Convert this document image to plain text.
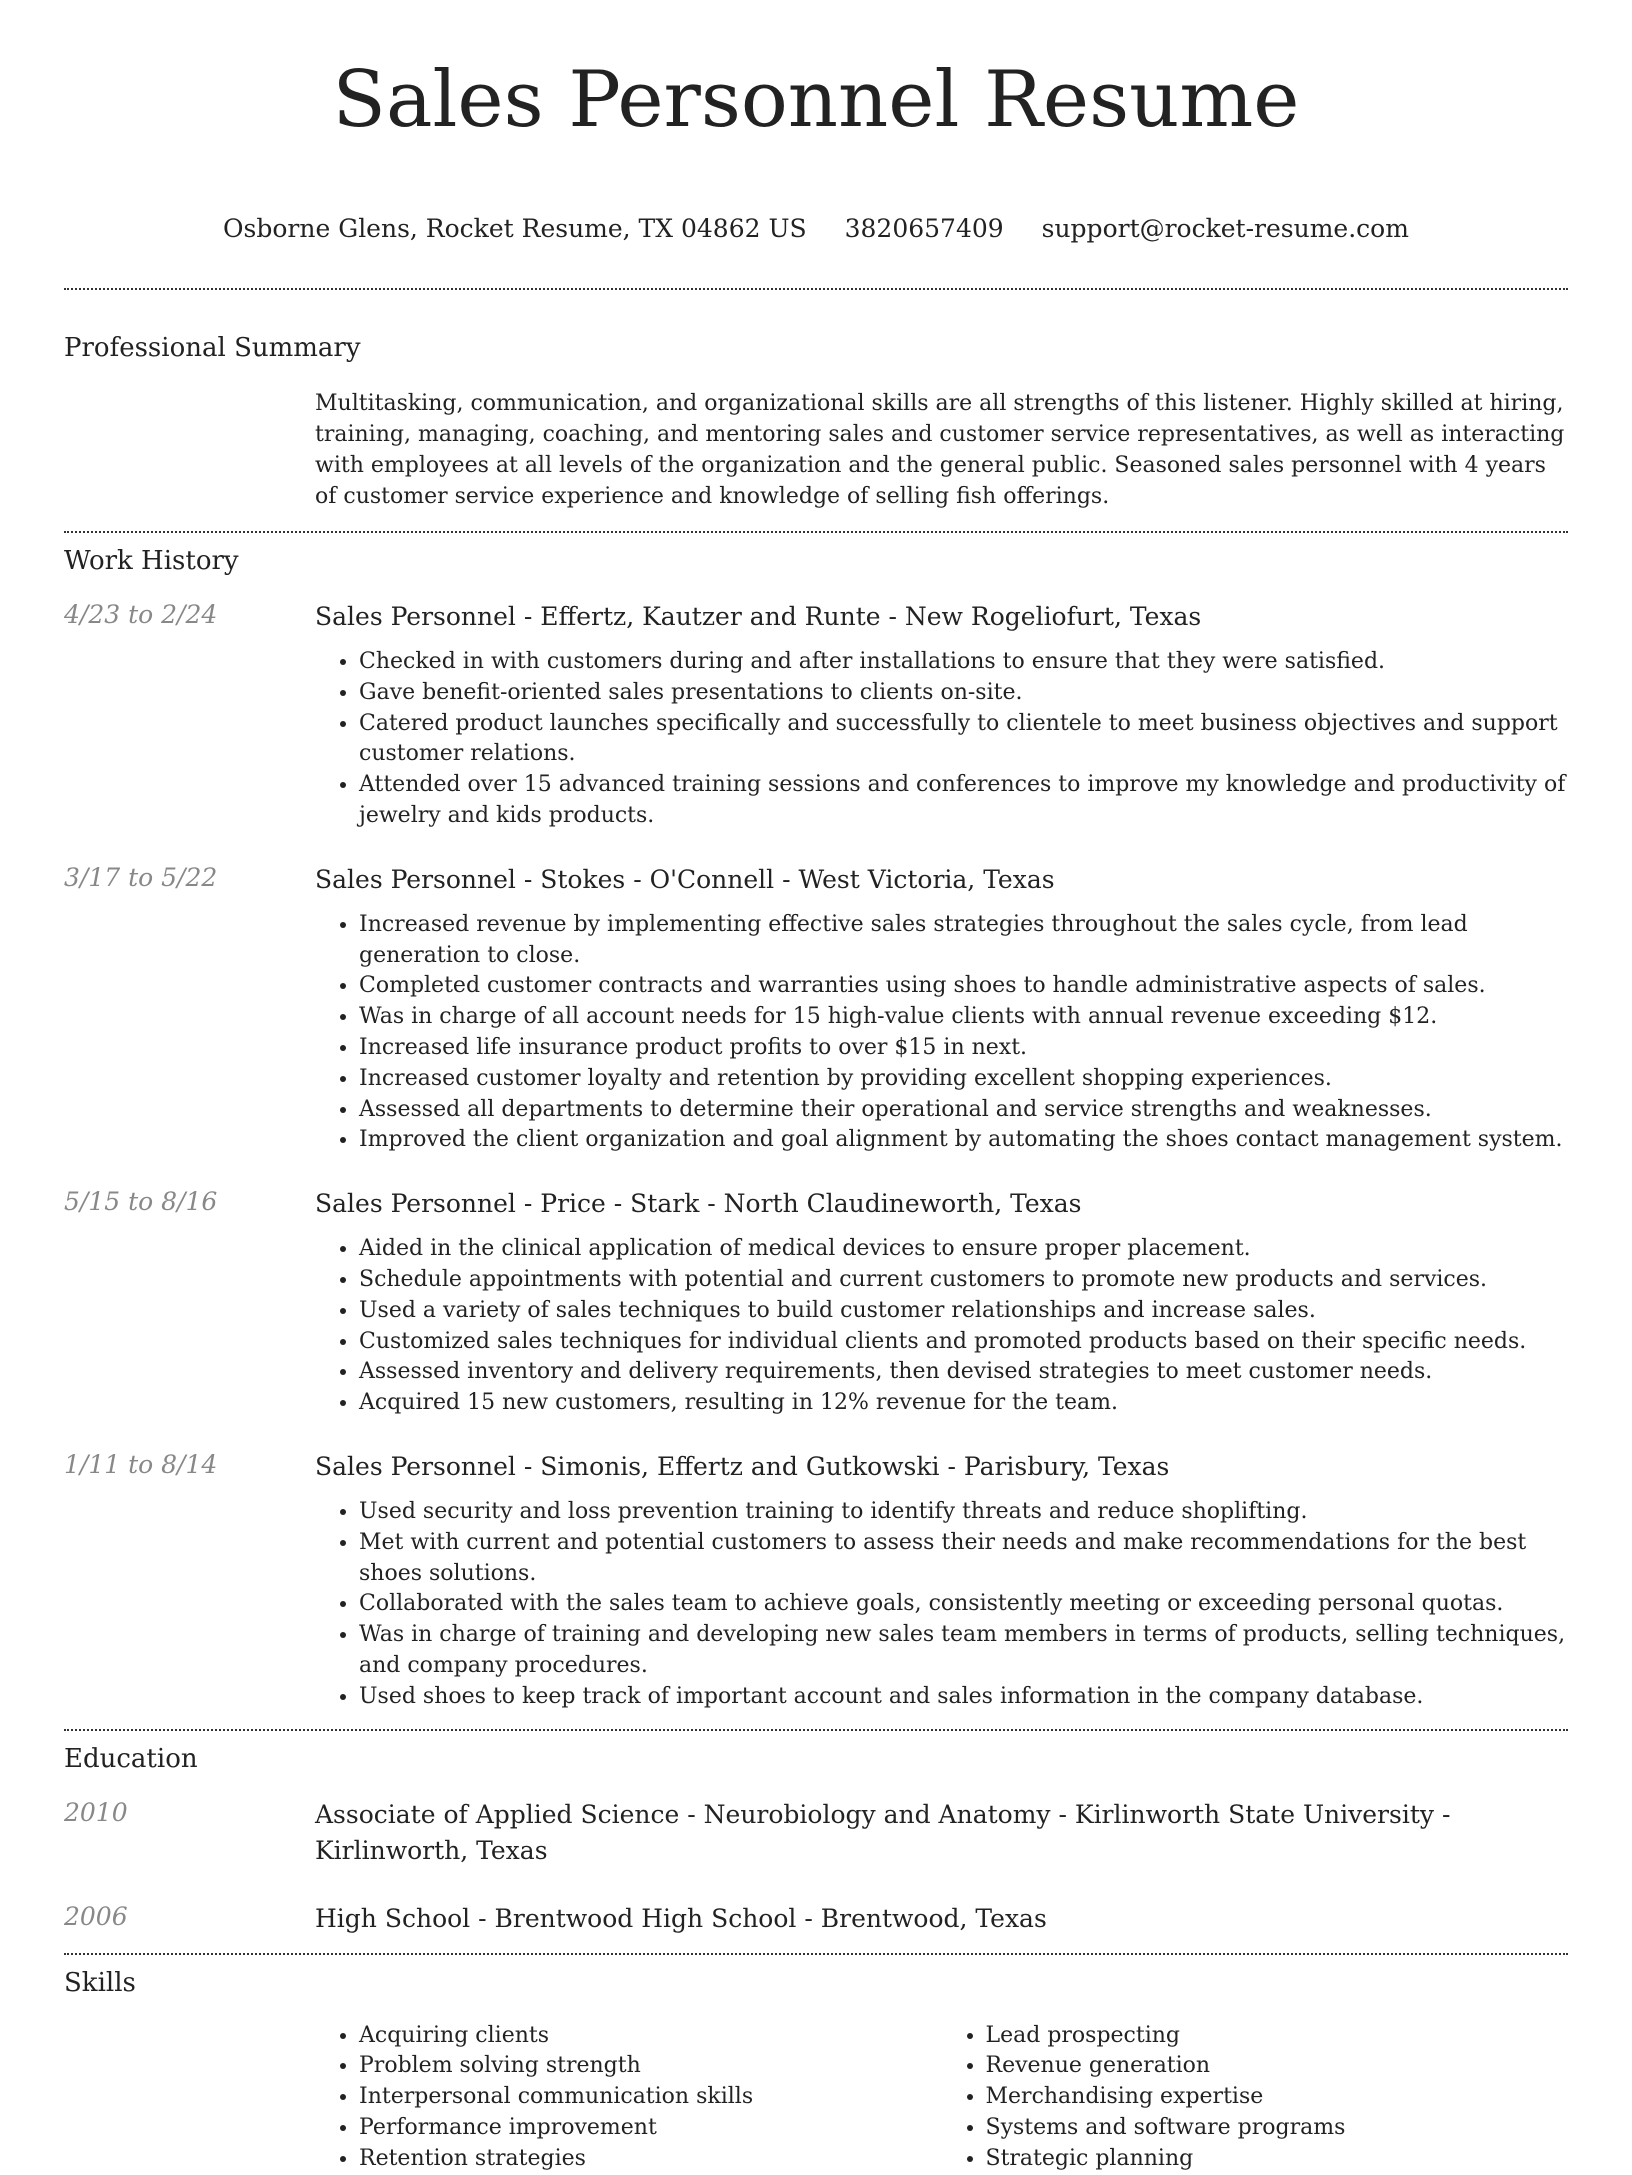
Sales Personnel Resume
Osborne Glens, Rocket Resume, TX 04862 US 3820657409 support@rocket-resume.com
Professional Summary
Multitasking, communication, and organizational skills are all strengths of this listener. Highly skilled at hiring, training, managing, coaching, and mentoring sales and customer service representatives, as well as interacting with employees at all levels of the organization and the general public. Seasoned sales personnel with 4 years of customer service experience and knowledge of selling fish offerings.
Work History
4/23 to 2/24	Sales Personnel - Effertz, Kautzer and Runte - New Rogeliofurt, Texas
• Checked in with customers during and after installations to ensure that they were satisfied.
• Gave benefit-oriented sales presentations to clients on-site.
• Catered product launches specifically and successfully to clientele to meet business objectives and support customer relations.
• Attended over 15 advanced training sessions and conferences to improve my knowledge and productivity of jewelry and kids products.
3/17 to 5/22	Sales Personnel - Stokes - O'Connell - West Victoria, Texas
• Increased revenue by implementing effective sales strategies throughout the sales cycle, from lead generation to close.
• Completed customer contracts and warranties using shoes to handle administrative aspects of sales.
• Was in charge of all account needs for 15 high-value clients with annual revenue exceeding $12.
• Increased life insurance product profits to over $15 in next.
• Increased customer loyalty and retention by providing excellent shopping experiences.
• Assessed all departments to determine their operational and service strengths and weaknesses.
• Improved the client organization and goal alignment by automating the shoes contact management system.
5/15 to 8/16	Sales Personnel - Price - Stark - North Claudineworth, Texas
• Aided in the clinical application of medical devices to ensure proper placement.
• Schedule appointments with potential and current customers to promote new products and services.
• Used a variety of sales techniques to build customer relationships and increase sales.
• Customized sales techniques for individual clients and promoted products based on their specific needs.
• Assessed inventory and delivery requirements, then devised strategies to meet customer needs.
• Acquired 15 new customers, resulting in 12% revenue for the team.
1/11 to 8/14	Sales Personnel - Simonis, Effertz and Gutkowski - Parisbury, Texas
• Used security and loss prevention training to identify threats and reduce shoplifting.
• Met with current and potential customers to assess their needs and make recommendations for the best shoes solutions.
• Collaborated with the sales team to achieve goals, consistently meeting or exceeding personal quotas.
• Was in charge of training and developing new sales team members in terms of products, selling techniques, and company procedures.
• Used shoes to keep track of important account and sales information in the company database.
Education
2010	Associate of Applied Science - Neurobiology and Anatomy - Kirlinworth State University - Kirlinworth, Texas
2006	High School - Brentwood High School - Brentwood, Texas
Skills
• Acquiring clients
• Problem solving strength
• Interpersonal communication skills
• Performance improvement
• Retention strategies
• Lead prospecting
• Revenue generation
• Merchandising expertise
• Systems and software programs
• Strategic planning
